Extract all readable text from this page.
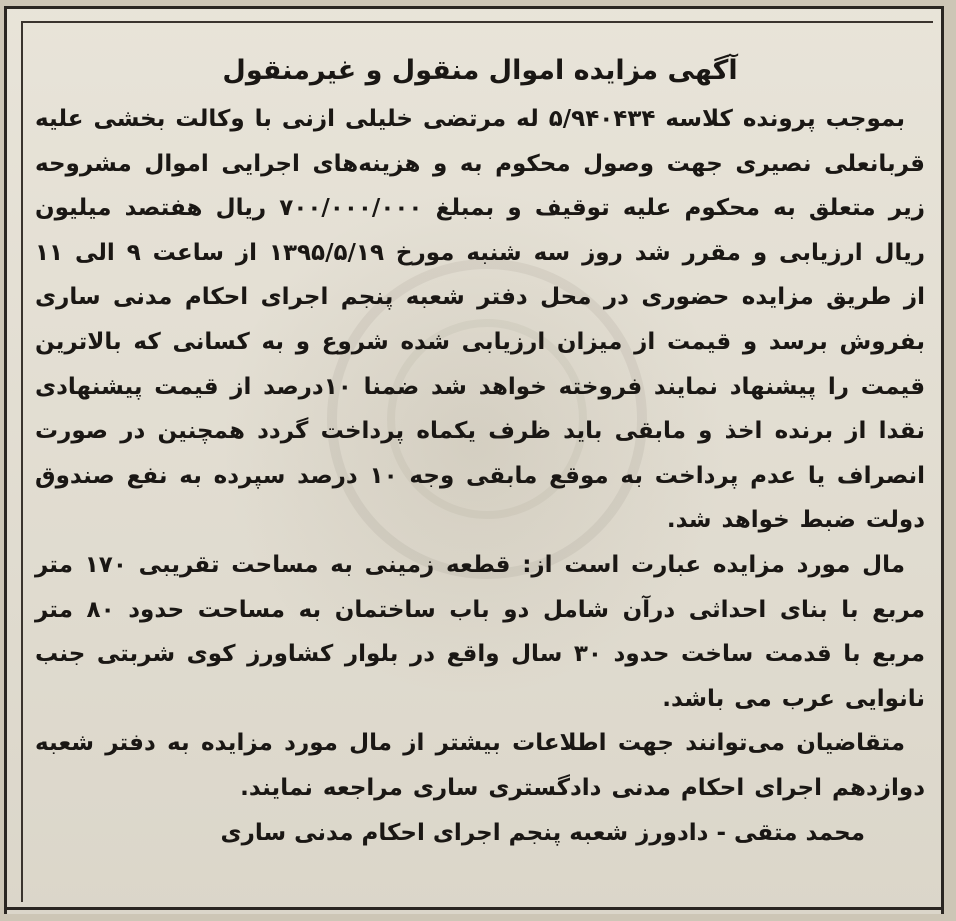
آگهی مزایده اموال منقول و غیرمنقول

بموجب پرونده کلاسه ۵/۹۴۰۴۳۴ له مرتضی خلیلی ازنی با وکالت بخشی علیه قربانعلی نصیری جهت وصول محکوم به و هزینه‌های اجرایی اموال مشروحه زیر متعلق به محکوم علیه توقیف و بمبلغ ۷۰۰/۰۰۰/۰۰۰ ریال هفتصد میلیون ریال ارزیابی و مقرر شد روز سه شنبه مورخ ۱۳۹۵/۵/۱۹ از ساعت ۹ الی ۱۱ از طریق مزایده حضوری در محل دفتر شعبه پنجم اجرای احکام مدنی ساری بفروش برسد و قیمت از میزان ارزیابی شده شروع و به کسانی که بالاترین قیمت را پیشنهاد نمایند فروخته خواهد شد ضمنا ۱۰درصد از قیمت پیشنهادی نقدا از برنده اخذ و مابقی باید ظرف یکماه پرداخت گردد همچنین در صورت انصراف یا عدم پرداخت به موقع مابقی وجه ۱۰ درصد سپرده به نفع صندوق دولت ضبط خواهد شد.

مال مورد مزایده عبارت است از: قطعه زمینی به مساحت تقریبی ۱۷۰ متر مربع با بنای احداثی درآن شامل دو باب ساختمان به مساحت حدود ۸۰ متر مربع با قدمت ساخت حدود ۳۰ سال واقع در بلوار کشاورز کوی شربتی جنب نانوایی عرب می باشد.

متقاضیان می‌توانند جهت اطلاعات بیشتر از مال مورد مزایده به دفتر شعبه دوازدهم اجرای احکام مدنی دادگستری ساری مراجعه نمایند.

محمد متقی - دادورز شعبه پنجم اجرای احکام مدنی ساری
